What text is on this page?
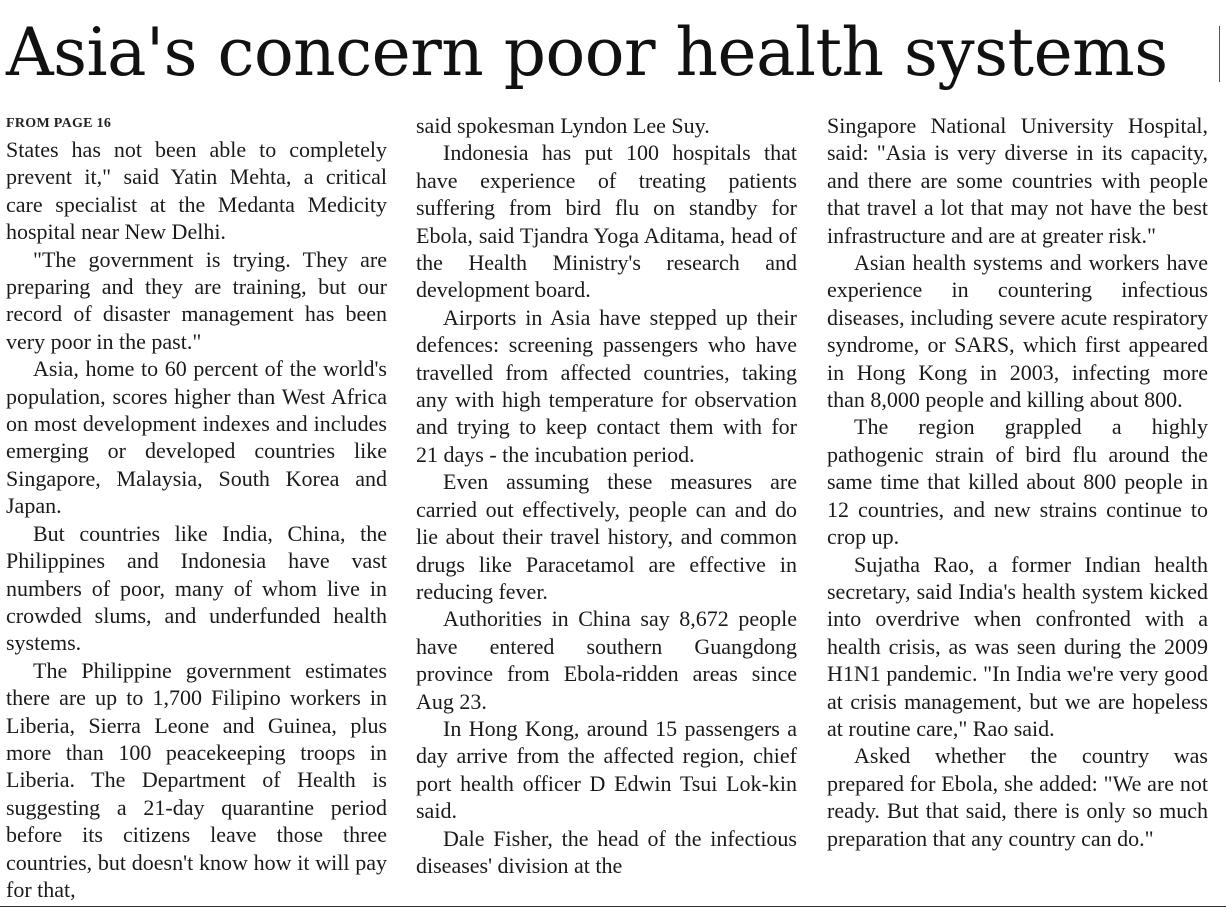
Asia's concern poor health systems
FROM PAGE 16

States has not been able to completely prevent it," said Yatin Mehta, a critical care specialist at the Medanta Medicity hospital near New Delhi.

"The government is trying. They are preparing and they are training, but our record of disaster management has been very poor in the past."

Asia, home to 60 percent of the world's population, scores higher than West Africa on most development indexes and includes emerging or developed countries like Singapore, Malaysia, South Korea and Japan.

But countries like India, China, the Philippines and Indonesia have vast numbers of poor, many of whom live in crowded slums, and underfunded health systems.

The Philippine government estimates there are up to 1,700 Filipino workers in Liberia, Sierra Leone and Guinea, plus more than 100 peacekeeping troops in Liberia. The Department of Health is suggesting a 21-day quarantine period before its citizens leave those three countries, but doesn't know how it will pay for that,

said spokesman Lyndon Lee Suy.

Indonesia has put 100 hospitals that have experience of treating patients suffering from bird flu on standby for Ebola, said Tjandra Yoga Aditama, head of the Health Ministry's research and development board.

Airports in Asia have stepped up their defences: screening passengers who have travelled from affected countries, taking any with high temperature for observation and trying to keep contact them with for 21 days - the incubation period.

Even assuming these measures are carried out effectively, people can and do lie about their travel history, and common drugs like Paracetamol are effective in reducing fever.

Authorities in China say 8,672 people have entered southern Guangdong province from Ebola-ridden areas since Aug 23.

In Hong Kong, around 15 passengers a day arrive from the affected region, chief port health officer D Edwin Tsui Lok-kin said.

Dale Fisher, the head of the infectious diseases' division at the

Singapore National University Hospital, said: "Asia is very diverse in its capacity, and there are some countries with people that travel a lot that may not have the best infrastructure and are at greater risk."

Asian health systems and workers have experience in countering infectious diseases, including severe acute respiratory syndrome, or SARS, which first appeared in Hong Kong in 2003, infecting more than 8,000 people and killing about 800.

The region grappled a highly pathogenic strain of bird flu around the same time that killed about 800 people in 12 countries, and new strains continue to crop up.

Sujatha Rao, a former Indian health secretary, said India's health system kicked into overdrive when confronted with a health crisis, as was seen during the 2009 H1N1 pandemic. "In India we're very good at crisis management, but we are hopeless at routine care," Rao said.

Asked whether the country was prepared for Ebola, she added: "We are not ready. But that said, there is only so much preparation that any country can do."
